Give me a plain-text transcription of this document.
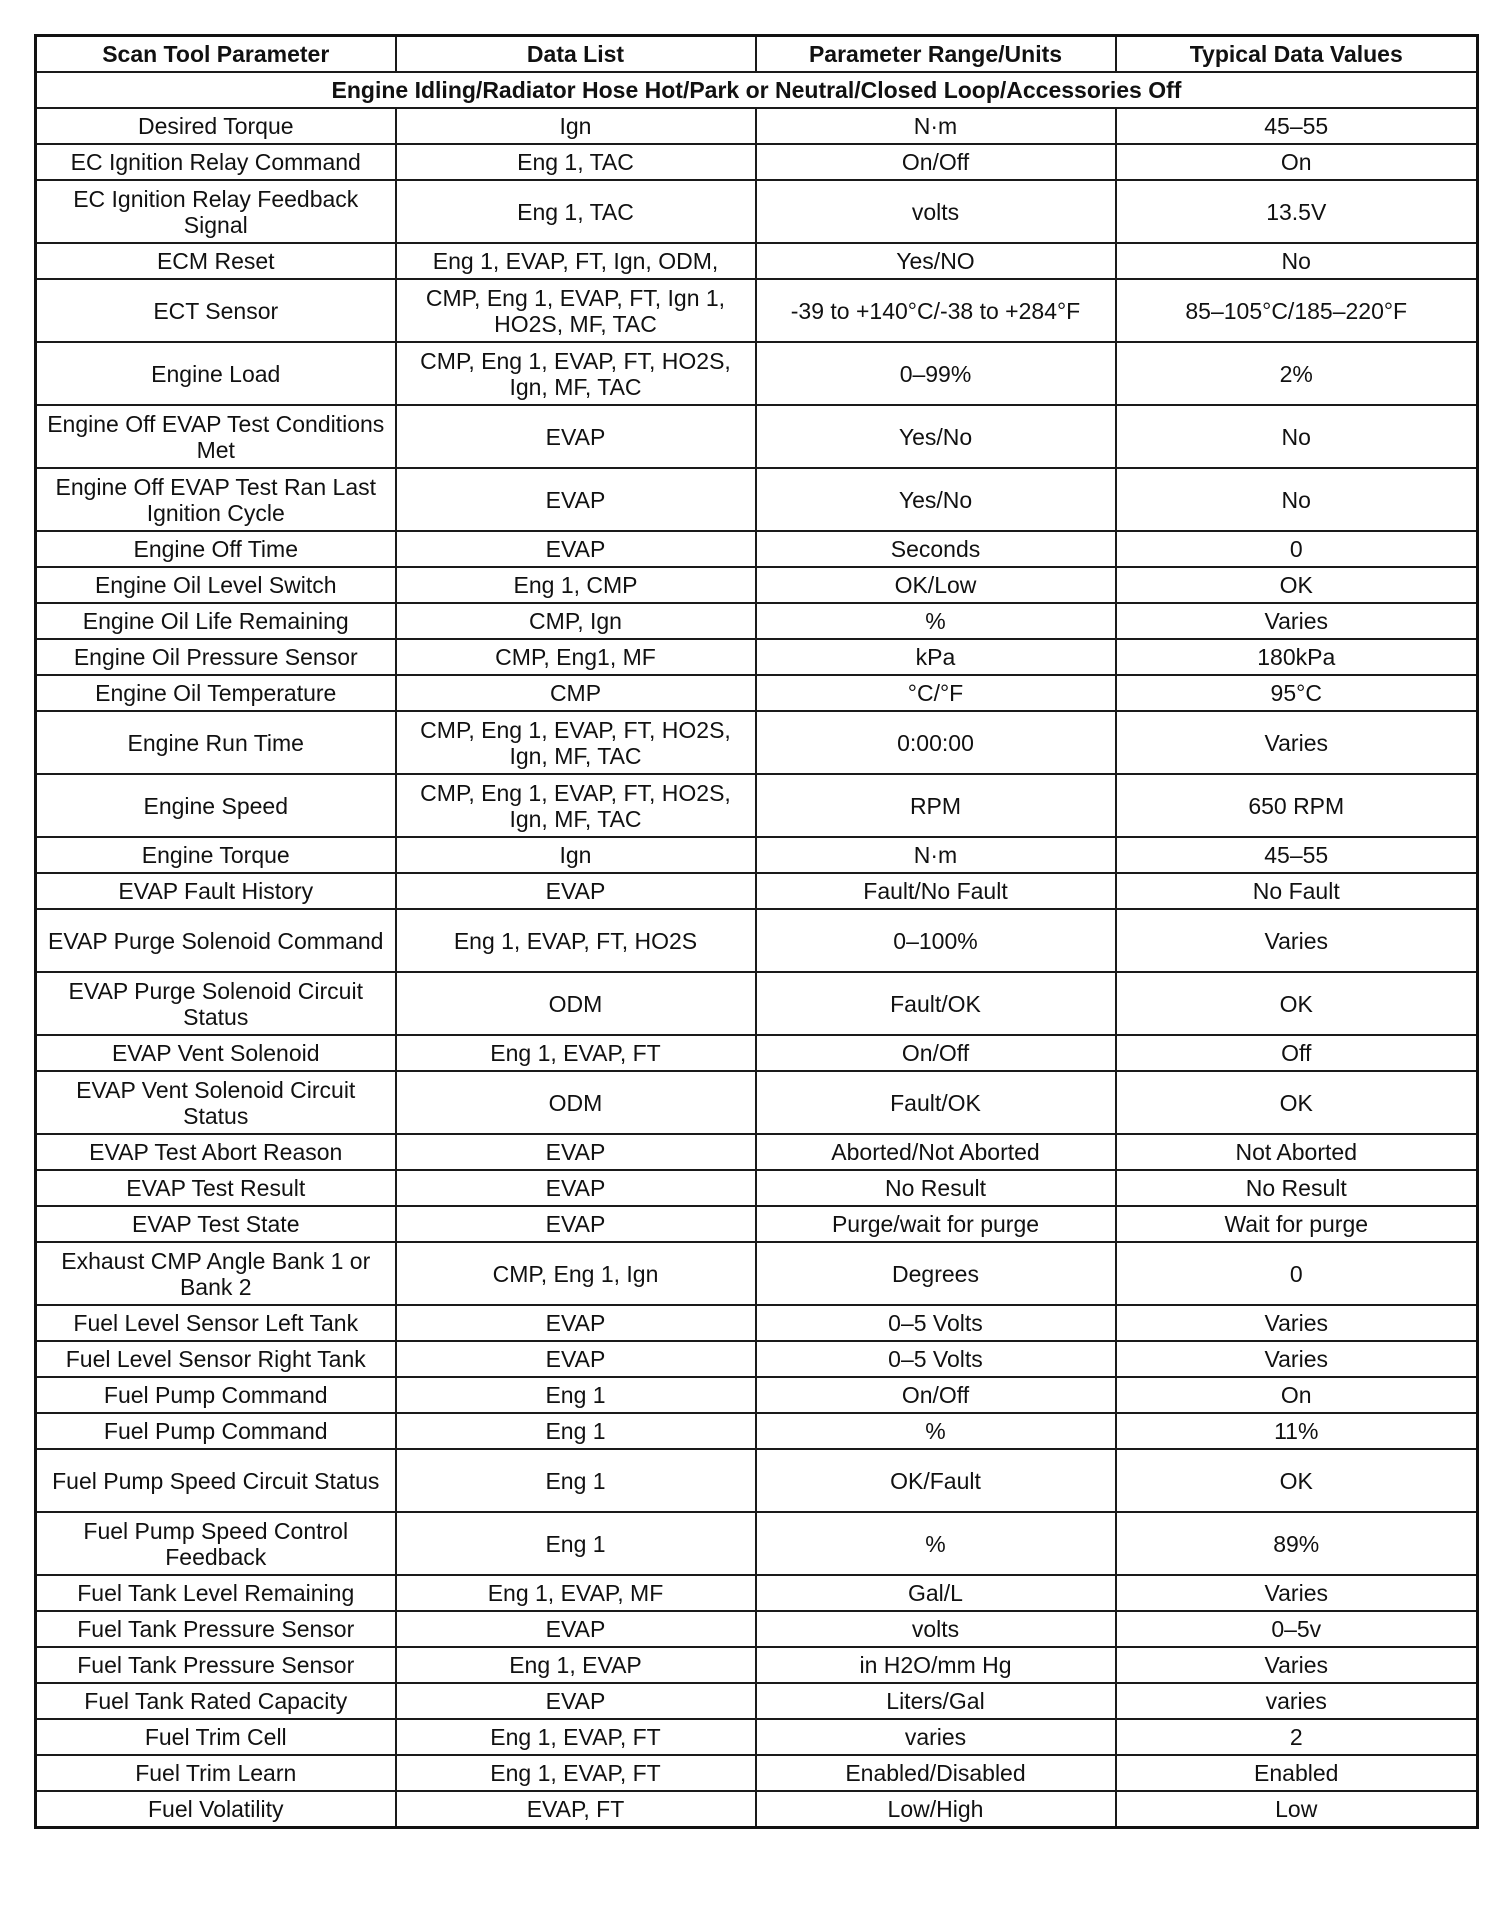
Scan Tool Parameter	Data List	Parameter Range/Units	Typical Data Values
Engine Idling/Radiator Hose Hot/Park or Neutral/Closed Loop/Accessories Off			
Desired Torque	Ign	N·m	45–55
EC Ignition Relay Command	Eng 1, TAC	On/Off	On
EC Ignition Relay Feedback Signal	Eng 1, TAC	volts	13.5V
ECM Reset	Eng 1, EVAP, FT, Ign, ODM,	Yes/NO	No
ECT Sensor	CMP, Eng 1, EVAP, FT, Ign 1, HO2S, MF, TAC	-39 to +140°C/-38 to +284°F	85–105°C/185–220°F
Engine Load	CMP, Eng 1, EVAP, FT, HO2S, Ign, MF, TAC	0–99%	2%
Engine Off EVAP Test Conditions Met	EVAP	Yes/No	No
Engine Off EVAP Test Ran Last Ignition Cycle	EVAP	Yes/No	No
Engine Off Time	EVAP	Seconds	0
Engine Oil Level Switch	Eng 1, CMP	OK/Low	OK
Engine Oil Life Remaining	CMP, Ign	%	Varies
Engine Oil Pressure Sensor	CMP, Eng1, MF	kPa	180kPa
Engine Oil Temperature	CMP	°C/°F	95°C
Engine Run Time	CMP, Eng 1, EVAP, FT, HO2S, Ign, MF, TAC	0:00:00	Varies
Engine Speed	CMP, Eng 1, EVAP, FT, HO2S, Ign, MF, TAC	RPM	650 RPM
Engine Torque	Ign	N·m	45–55
EVAP Fault History	EVAP	Fault/No Fault	No Fault
EVAP Purge Solenoid Command	Eng 1, EVAP, FT, HO2S	0–100%	Varies
EVAP Purge Solenoid Circuit Status	ODM	Fault/OK	OK
EVAP Vent Solenoid	Eng 1, EVAP, FT	On/Off	Off
EVAP Vent Solenoid Circuit Status	ODM	Fault/OK	OK
EVAP Test Abort Reason	EVAP	Aborted/Not Aborted	Not Aborted
EVAP Test Result	EVAP	No Result	No Result
EVAP Test State	EVAP	Purge/wait for purge	Wait for purge
Exhaust CMP Angle Bank 1 or Bank 2	CMP, Eng 1, Ign	Degrees	0
Fuel Level Sensor Left Tank	EVAP	0–5 Volts	Varies
Fuel Level Sensor Right Tank	EVAP	0–5 Volts	Varies
Fuel Pump Command	Eng 1	On/Off	On
Fuel Pump Command	Eng 1	%	11%
Fuel Pump Speed Circuit Status	Eng 1	OK/Fault	OK
Fuel Pump Speed Control Feedback	Eng 1	%	89%
Fuel Tank Level Remaining	Eng 1, EVAP, MF	Gal/L	Varies
Fuel Tank Pressure Sensor	EVAP	volts	0–5v
Fuel Tank Pressure Sensor	Eng 1, EVAP	in H2O/mm Hg	Varies
Fuel Tank Rated Capacity	EVAP	Liters/Gal	varies
Fuel Trim Cell	Eng 1, EVAP, FT	varies	2
Fuel Trim Learn	Eng 1, EVAP, FT	Enabled/Disabled	Enabled
Fuel Volatility	EVAP, FT	Low/High	Low
